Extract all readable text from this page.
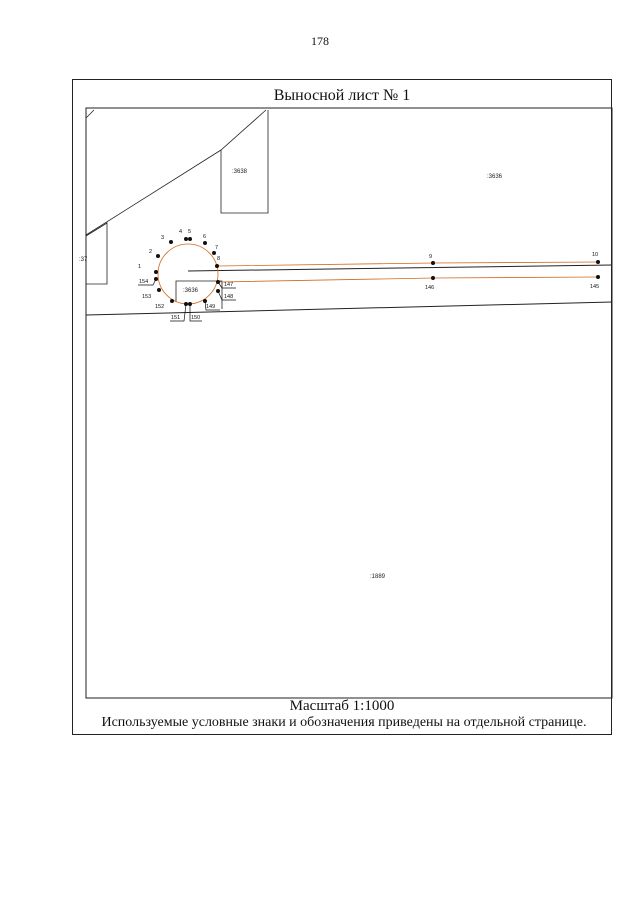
178
Выносной лист № 1
1
2
3
4 5
6
7
8	9	10
145
146
147
148
149
150
151
152
153
154
:3638
:3636
:3636
:1889
:37
Масштаб 1:1000
Используемые условные знаки и обозначения приведены на отдельной странице.
